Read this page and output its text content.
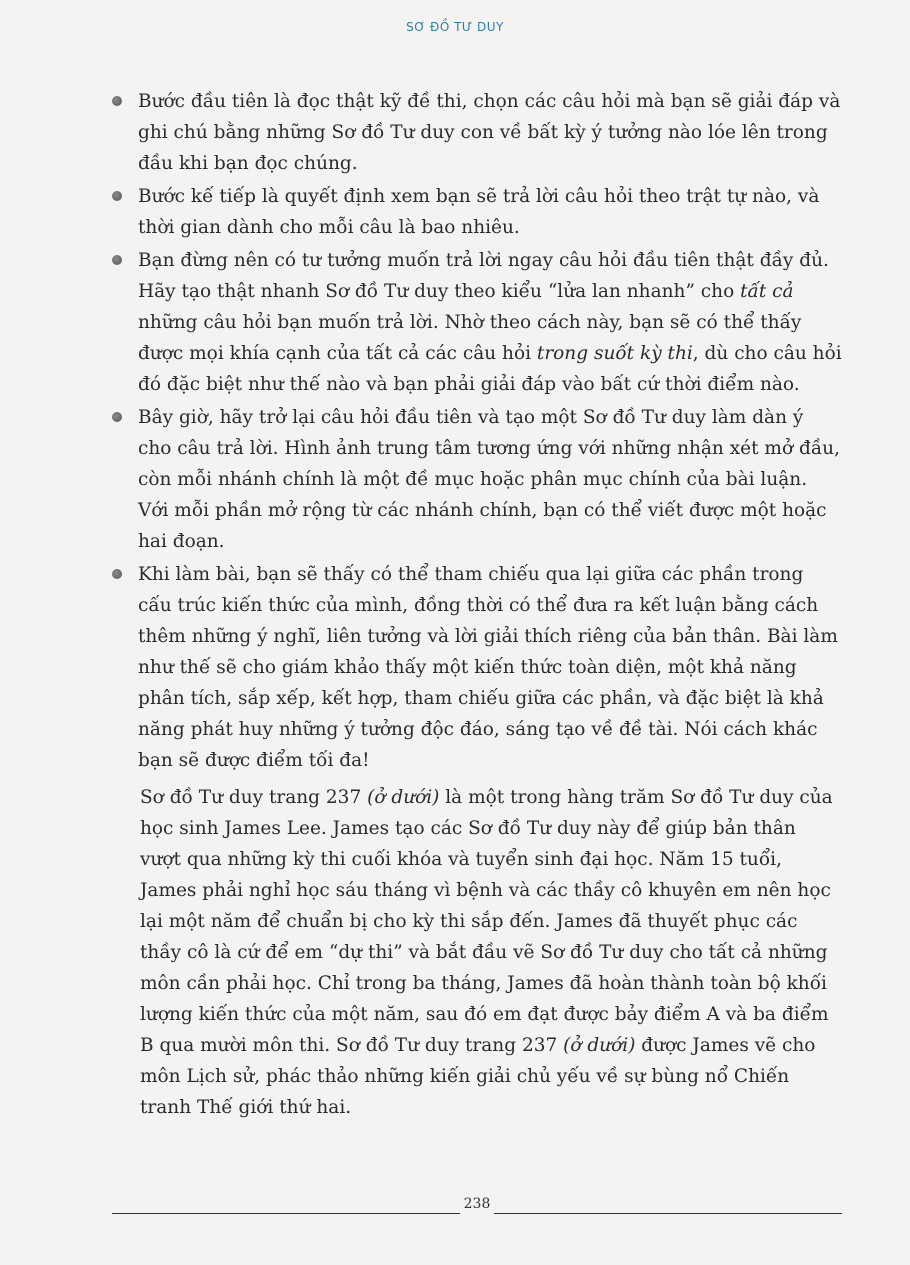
SƠ ĐỒ TƯ DUY
Bước đầu tiên là đọc thật kỹ đề thi, chọn các câu hỏi mà bạn sẽ giải đáp và ghi chú bằng những Sơ đồ Tư duy con về bất kỳ ý tưởng nào lóe lên trong đầu khi bạn đọc chúng.
Bước kế tiếp là quyết định xem bạn sẽ trả lời câu hỏi theo trật tự nào, và thời gian dành cho mỗi câu là bao nhiêu.
Bạn đừng nên có tư tưởng muốn trả lời ngay câu hỏi đầu tiên thật đầy đủ. Hãy tạo thật nhanh Sơ đồ Tư duy theo kiểu “lửa lan nhanh” cho tất cả những câu hỏi bạn muốn trả lời. Nhờ theo cách này, bạn sẽ có thể thấy được mọi khía cạnh của tất cả các câu hỏi trong suốt kỳ thi, dù cho câu hỏi đó đặc biệt như thế nào và bạn phải giải đáp vào bất cứ thời điểm nào.
Bây giờ, hãy trở lại câu hỏi đầu tiên và tạo một Sơ đồ Tư duy làm dàn ý cho câu trả lời. Hình ảnh trung tâm tương ứng với những nhận xét mở đầu, còn mỗi nhánh chính là một đề mục hoặc phân mục chính của bài luận. Với mỗi phần mở rộng từ các nhánh chính, bạn có thể viết được một hoặc hai đoạn.
Khi làm bài, bạn sẽ thấy có thể tham chiếu qua lại giữa các phần trong cấu trúc kiến thức của mình, đồng thời có thể đưa ra kết luận bằng cách thêm những ý nghĩ, liên tưởng và lời giải thích riêng của bản thân. Bài làm như thế sẽ cho giám khảo thấy một kiến thức toàn diện, một khả năng phân tích, sắp xếp, kết hợp, tham chiếu giữa các phần, và đặc biệt là khả năng phát huy những ý tưởng độc đáo, sáng tạo về đề tài. Nói cách khác bạn sẽ được điểm tối đa!

Sơ đồ Tư duy trang 237 (ở dưới) là một trong hàng trăm Sơ đồ Tư duy của học sinh James Lee. James tạo các Sơ đồ Tư duy này để giúp bản thân vượt qua những kỳ thi cuối khóa và tuyển sinh đại học. Năm 15 tuổi, James phải nghỉ học sáu tháng vì bệnh và các thầy cô khuyên em nên học lại một năm để chuẩn bị cho kỳ thi sắp đến. James đã thuyết phục các thầy cô là cứ để em “dự thi” và bắt đầu vẽ Sơ đồ Tư duy cho tất cả những môn cần phải học. Chỉ trong ba tháng, James đã hoàn thành toàn bộ khối lượng kiến thức của một năm, sau đó em đạt được bảy điểm A và ba điểm B qua mười môn thi. Sơ đồ Tư duy trang 237 (ở dưới) được James vẽ cho môn Lịch sử, phác thảo những kiến giải chủ yếu về sự bùng nổ Chiến tranh Thế giới thứ hai.

238
